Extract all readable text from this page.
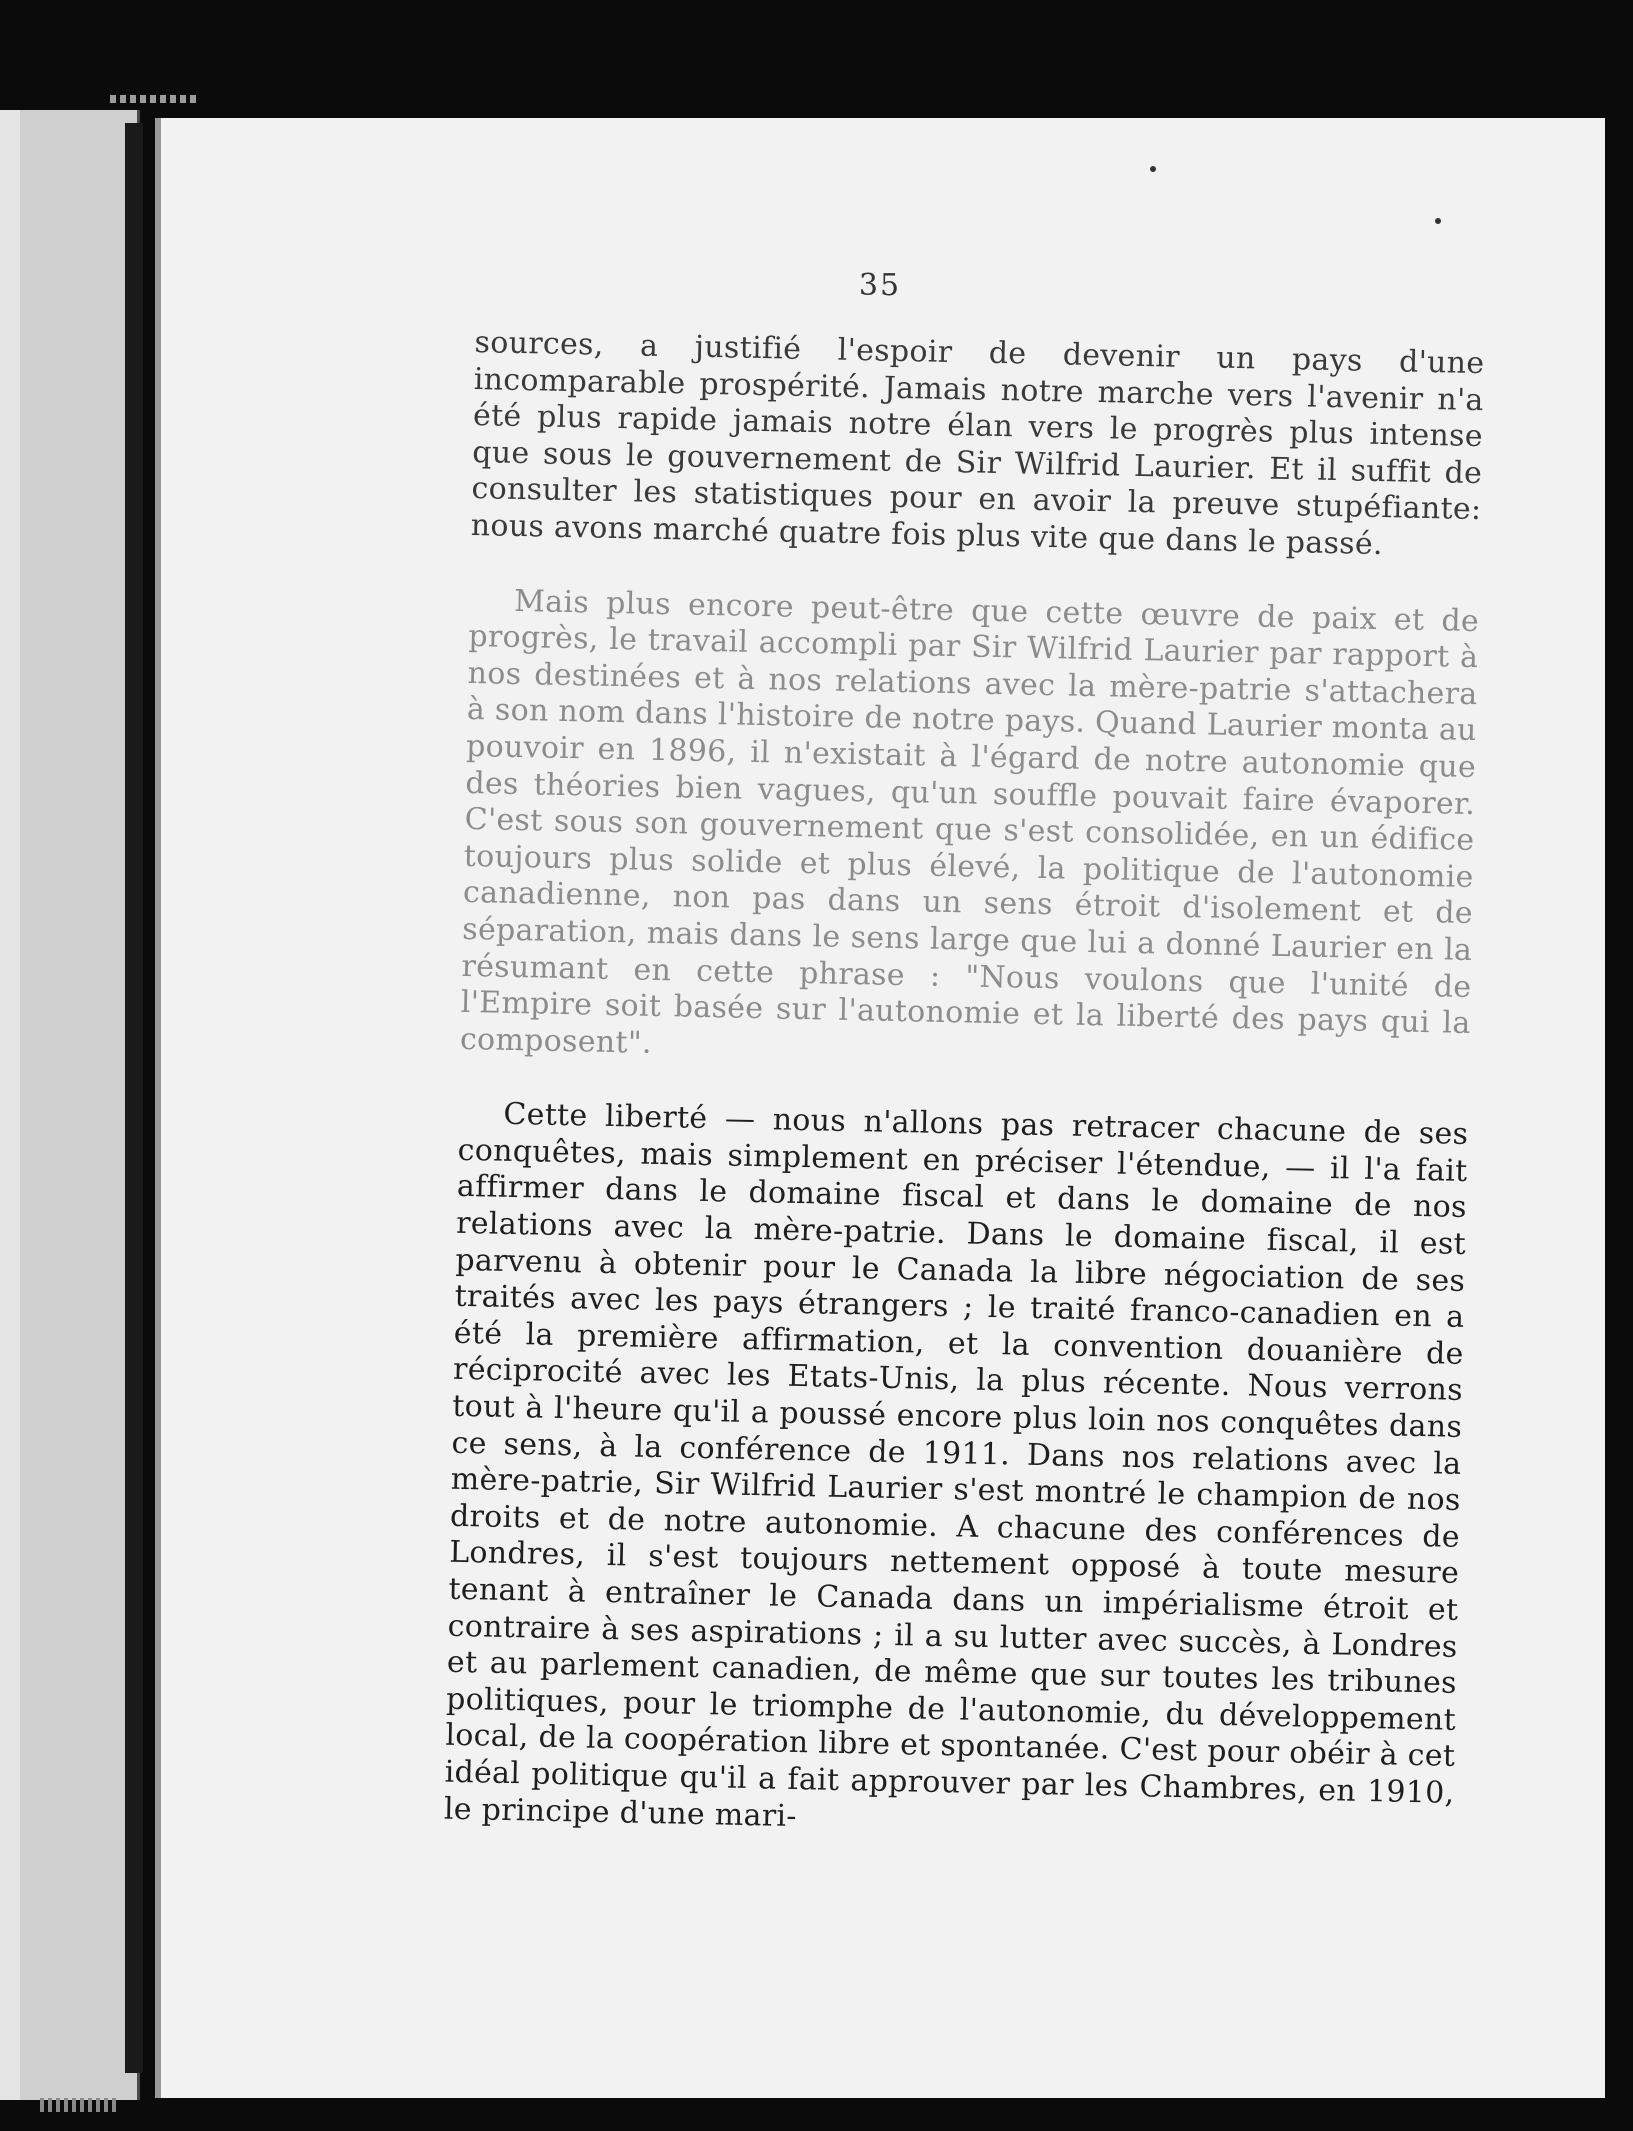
35

sources, a justifié l'espoir de devenir un pays d'une incomparable prospérité. Jamais notre marche vers l'avenir n'a été plus rapide jamais notre élan vers le progrès plus intense que sous le gouvernement de Sir Wilfrid Laurier. Et il suffit de consulter les statistiques pour en avoir la preuve stupéfiante: nous avons marché quatre fois plus vite que dans le passé.

Mais plus encore peut-être que cette œuvre de paix et de progrès, le travail accompli par Sir Wilfrid Laurier par rapport à nos destinées et à nos relations avec la mère-patrie s'attachera à son nom dans l'histoire de notre pays. Quand Laurier monta au pouvoir en 1896, il n'existait à l'égard de notre autonomie que des théories bien vagues, qu'un souffle pouvait faire évaporer. C'est sous son gouvernement que s'est consolidée, en un édifice toujours plus solide et plus élevé, la politique de l'autonomie canadienne, non pas dans un sens étroit d'isolement et de séparation, mais dans le sens large que lui a donné Laurier en la résumant en cette phrase : "Nous voulons que l'unité de l'Empire soit basée sur l'autonomie et la liberté des pays qui la composent".

Cette liberté — nous n'allons pas retracer chacune de ses conquêtes, mais simplement en préciser l'étendue, — il l'a fait affirmer dans le domaine fiscal et dans le domaine de nos relations avec la mère-patrie. Dans le domaine fiscal, il est parvenu à obtenir pour le Canada la libre négociation de ses traités avec les pays étrangers ; le traité franco-canadien en a été la première affirmation, et la convention douanière de réciprocité avec les Etats-Unis, la plus récente. Nous verrons tout à l'heure qu'il a poussé encore plus loin nos conquêtes dans ce sens, à la conférence de 1911. Dans nos relations avec la mère-patrie, Sir Wilfrid Laurier s'est montré le champion de nos droits et de notre autonomie. A chacune des conférences de Londres, il s'est toujours nettement opposé à toute mesure tenant à entraîner le Canada dans un impérialisme étroit et contraire à ses aspirations ; il a su lutter avec succès, à Londres et au parlement canadien, de même que sur toutes les tribunes politiques, pour le triomphe de l'autonomie, du développement local, de la coopération libre et spontanée. C'est pour obéir à cet idéal politique qu'il a fait approuver par les Chambres, en 1910, le principe d'une mari-
